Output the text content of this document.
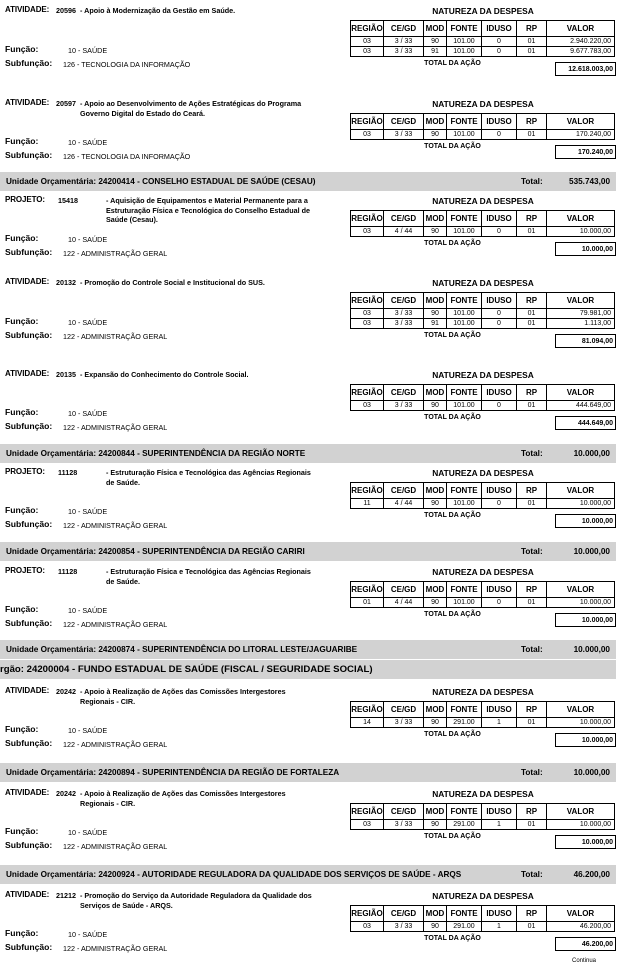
ATIVIDADE: 20596 - Apoio à Modernização da Gestão em Saúde.	NATUREZA DA DESPESA
REGIÃO	CE/GD	MOD	FONTE	IDUSO	RP	VALOR
03	3 / 33	90	101.00	0	01	2.940.220,00
03	3 / 33	91	101.00	0	01	9.677.783,00
TOTAL DA AÇÃO
12.618.003,00
Função:	10 - SAÚDE
Subfunção: 126 - TECNOLOGIA DA INFORMAÇÃO
ATIVIDADE: 20597 - Apoio ao Desenvolvimento de Ações Estratégicas do Programa Governo Digital do Estado do Ceará.
NATUREZA DA DESPESA
REGIÃO	CE/GD	MOD	FONTE	IDUSO	RP	VALOR
03	3 / 33	90	101.00	0	01	170.240,00
TOTAL DA AÇÃO
170.240,00
Função:	10 - SAÚDE
Subfunção: 126 - TECNOLOGIA DA INFORMAÇÃO
PROJETO: 15418	- Aquisição de Equipamentos e Material Permanente para a Estruturação Física e Tecnológica do Conselho Estadual de Saúde (Cesau).
NATUREZA DA DESPESA
REGIÃO	CE/GD	MOD	FONTE	IDUSO	RP	VALOR
03	4 / 44	90	101.00	0	01	10.000,00
TOTAL DA AÇÃO
10.000,00
Função:	10 - SAÚDE
Subfunção: 122 - ADMINISTRAÇÃO GERAL
ATIVIDADE: 20132 - Promoção do Controle Social e Institucional do SUS.	NATUREZA DA DESPESA
REGIÃO	CE/GD	MOD	FONTE	IDUSO	RP	VALOR
03	3 / 33	90	101.00	0	01	79.981,00
03	3 / 33	91	101.00	0	01	1.113,00
TOTAL DA AÇÃO
81.094,00
Função:	10 - SAÚDE
Subfunção: 122 - ADMINISTRAÇÃO GERAL
ATIVIDADE: 20135 - Expansão do Conhecimento do Controle Social.	NATUREZA DA DESPESA
REGIÃO	CE/GD	MOD	FONTE	IDUSO	RP	VALOR
03	3 / 33	90	101.00	0	01	444.649,00
TOTAL DA AÇÃO
444.649,00
Função:	10 - SAÚDE
Subfunção: 122 - ADMINISTRAÇÃO GERAL
PROJETO: 11128	- Estruturação Física e Tecnológica das Agências Regionais de Saúde.
NATUREZA DA DESPESA
REGIÃO	CE/GD	MOD	FONTE	IDUSO	RP	VALOR
11	4 / 44	90	101.00	0	01	10.000,00
TOTAL DA AÇÃO
10.000,00
Função:	10 - SAÚDE
Subfunção: 122 - ADMINISTRAÇÃO GERAL
PROJETO: 11128	- Estruturação Física e Tecnológica das Agências Regionais de Saúde.
NATUREZA DA DESPESA
REGIÃO	CE/GD	MOD	FONTE	IDUSO	RP	VALOR
01	4 / 44	90	101.00	0	01	10.000,00
TOTAL DA AÇÃO
10.000,00
Função:	10 - SAÚDE
Subfunção: 122 - ADMINISTRAÇÃO GERAL
ATIVIDADE: 20242 - Apoio à Realização de Ações das Comissões Intergestores Regionais - CIR.
NATUREZA DA DESPESA
REGIÃO	CE/GD	MOD	FONTE	IDUSO	RP	VALOR
14	3 / 33	90	291.00	1	01	10.000,00
TOTAL DA AÇÃO
10.000,00
Função:	10 - SAÚDE
Subfunção: 122 - ADMINISTRAÇÃO GERAL
ATIVIDADE: 20242 - Apoio à Realização de Ações das Comissões Intergestores Regionais - CIR.
NATUREZA DA DESPESA
REGIÃO	CE/GD	MOD	FONTE	IDUSO	RP	VALOR
03	3 / 33	90	291.00	1	01	10.000,00
TOTAL DA AÇÃO
10.000,00
Função:	10 - SAÚDE
Subfunção: 122 - ADMINISTRAÇÃO GERAL
ATIVIDADE: 21212 - Promoção do Serviço da Autoridade Reguladora da Qualidade dos Serviços de Saúde - ARQS.
NATUREZA DA DESPESA
REGIÃO	CE/GD	MOD	FONTE	IDUSO	RP	VALOR
03	3 / 33	90	291.00	1	01	46.200,00
TOTAL DA AÇÃO
46.200,00
Função:	10 - SAÚDE
Subfunção: 122 - ADMINISTRAÇÃO GERAL
Unidade Orçamentária: 24200414 - CONSELHO ESTADUAL DE SAÚDE (CESAU)	Total:	535.743,00
Unidade Orçamentária: 24200844 - SUPERINTENDÊNCIA DA REGIÃO NORTE	Total:	10.000,00
Unidade Orçamentária: 24200854 - SUPERINTENDÊNCIA DA REGIÃO CARIRI	Total:	10.000,00
Unidade Orçamentária: 24200874 - SUPERINTENDÊNCIA DO LITORAL LESTE/JAGUARIBE	Total:	10.000,00
rgão: 24200004 - FUNDO ESTADUAL DE SAÚDE (FISCAL / SEGURIDADE SOCIAL)
Unidade Orçamentária: 24200894 - SUPERINTENDÊNCIA DA REGIÃO DE FORTALEZA	Total:	10.000,00
Unidade Orçamentária: 24200924 - AUTORIDADE REGULADORA DA QUALIDADE DOS SERVIÇOS DE SAÚDE - ARQS	Total:	46.200,00
Continua
